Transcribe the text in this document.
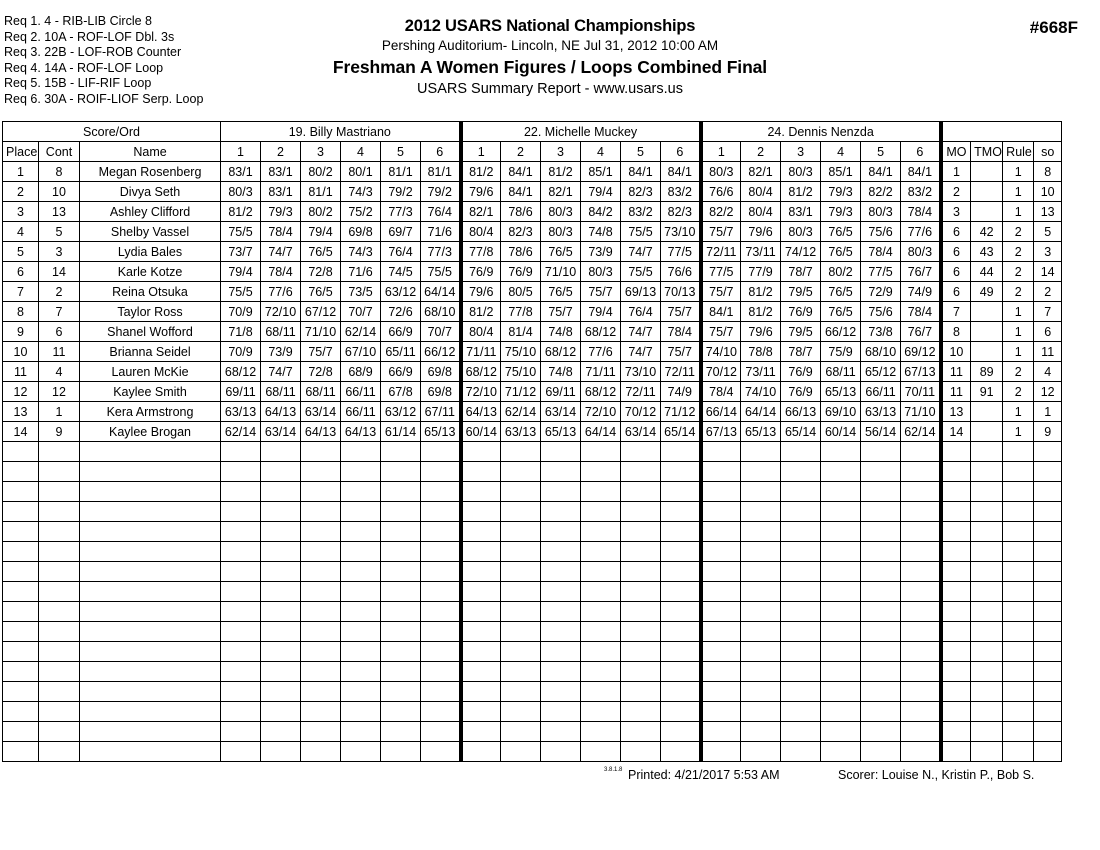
Req 1. 4 - RIB-LIB Circle 8
Req 2. 10A - ROF-LOF Dbl. 3s
Req 3. 22B - LOF-ROB Counter
Req 4. 14A - ROF-LOF Loop
Req 5. 15B - LIF-RIF Loop
Req 6. 30A - ROIF-LIOF Serp. Loop
2012 USARS National Championships
Pershing Auditorium- Lincoln, NE Jul 31, 2012 10:00 AM
Freshman A Women Figures / Loops Combined Final
USARS Summary Report - www.usars.us
#668F
Score/Ord			19. Billy Mastriano						22. Michelle Muckey						24. Dennis Nenzda									
Place	Cont	Name	1	2	3	4	5	6	1	2	3	4	5	6	1	2	3	4	5	6	MO	TMO	Rule	so
1	8	Megan Rosenberg	83/1	83/1	80/2	80/1	81/1	81/1	81/2	84/1	81/2	85/1	84/1	84/1	80/3	82/1	80/3	85/1	84/1	84/1	1		1	8
2	10	Divya Seth	80/3	83/1	81/1	74/3	79/2	79/2	79/6	84/1	82/1	79/4	82/3	83/2	76/6	80/4	81/2	79/3	82/2	83/2	2		1	10
3	13	Ashley Clifford	81/2	79/3	80/2	75/2	77/3	76/4	82/1	78/6	80/3	84/2	83/2	82/3	82/2	80/4	83/1	79/3	80/3	78/4	3		1	13
4	5	Shelby Vassel	75/5	78/4	79/4	69/8	69/7	71/6	80/4	82/3	80/3	74/8	75/5	73/10	75/7	79/6	80/3	76/5	75/6	77/6	6	42	2	5
5	3	Lydia Bales	73/7	74/7	76/5	74/3	76/4	77/3	77/8	78/6	76/5	73/9	74/7	77/5	72/11	73/11	74/12	76/5	78/4	80/3	6	43	2	3
6	14	Karle Kotze	79/4	78/4	72/8	71/6	74/5	75/5	76/9	76/9	71/10	80/3	75/5	76/6	77/5	77/9	78/7	80/2	77/5	76/7	6	44	2	14
7	2	Reina Otsuka	75/5	77/6	76/5	73/5	63/12	64/14	79/6	80/5	76/5	75/7	69/13	70/13	75/7	81/2	79/5	76/5	72/9	74/9	6	49	2	2
8	7	Taylor Ross	70/9	72/10	67/12	70/7	72/6	68/10	81/2	77/8	75/7	79/4	76/4	75/7	84/1	81/2	76/9	76/5	75/6	78/4	7		1	7
9	6	Shanel Wofford	71/8	68/11	71/10	62/14	66/9	70/7	80/4	81/4	74/8	68/12	74/7	78/4	75/7	79/6	79/5	66/12	73/8	76/7	8		1	6
10	11	Brianna Seidel	70/9	73/9	75/7	67/10	65/11	66/12	71/11	75/10	68/12	77/6	74/7	75/7	74/10	78/8	78/7	75/9	68/10	69/12	10		1	11
11	4	Lauren McKie	68/12	74/7	72/8	68/9	66/9	69/8	68/12	75/10	74/8	71/11	73/10	72/11	70/12	73/11	76/9	68/11	65/12	67/13	11	89	2	4
12	12	Kaylee Smith	69/11	68/11	68/11	66/11	67/8	69/8	72/10	71/12	69/11	68/12	72/11	74/9	78/4	74/10	76/9	65/13	66/11	70/11	11	91	2	12
13	1	Kera Armstrong	63/13	64/13	63/14	66/11	63/12	67/11	64/13	62/14	63/14	72/10	70/12	71/12	66/14	64/14	66/13	69/10	63/13	71/10	13		1	1
14	9	Kaylee Brogan	62/14	63/14	64/13	64/13	61/14	65/13	60/14	63/13	65/13	64/14	63/14	65/14	67/13	65/13	65/14	60/14	56/14	62/14	14		1	9

3.8.1.8 Printed: 4/21/2017 5:53 AM	Scorer: Louise N., Kristin P., Bob S.
